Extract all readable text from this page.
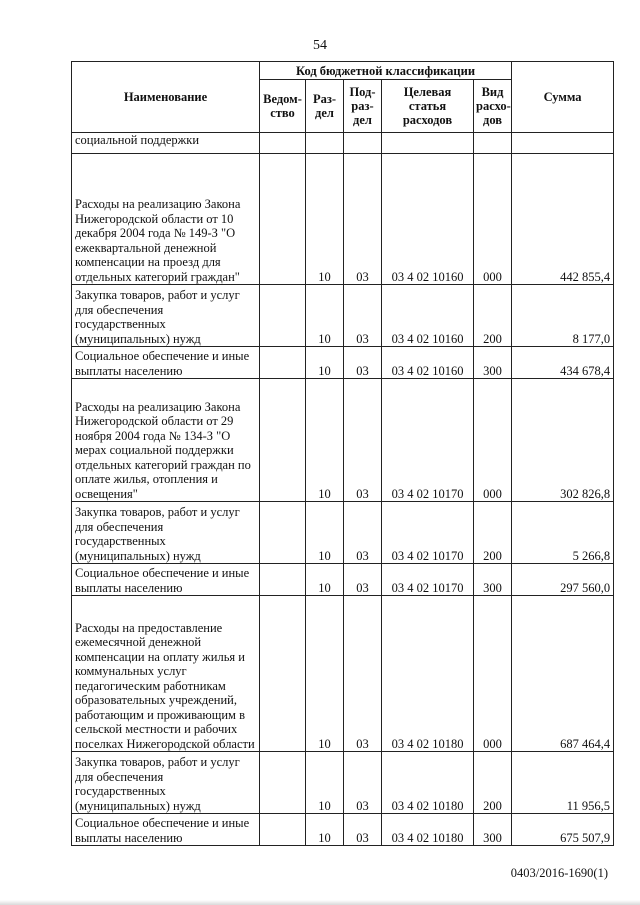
54
Наименование	Код бюджетной классификации					Сумма
	Ведом-ство	Раз-дел	Под-раз-дел	Целевая статья расходов	Вид расхо-дов	
социальной поддержки						
Расходы на реализацию Закона Нижегородской области от 10 декабря 2004 года № 149-З "О ежеквартальной денежной компенсации на проезд для отдельных категорий граждан"		10	03	03 4 02 10160	000	442 855,4
Закупка товаров, работ и услуг для обеспечения государственных (муниципальных) нужд		10	03	03 4 02 10160	200	8 177,0
Социальное обеспечение и иные выплаты населению		10	03	03 4 02 10160	300	434 678,4
Расходы на реализацию Закона Нижегородской области от 29 ноября 2004 года № 134-З "О мерах социальной поддержки отдельных категорий граждан по оплате жилья, отопления и освещения"		10	03	03 4 02 10170	000	302 826,8
Закупка товаров, работ и услуг для обеспечения государственных (муниципальных) нужд		10	03	03 4 02 10170	200	5 266,8
Социальное обеспечение и иные выплаты населению		10	03	03 4 02 10170	300	297 560,0
Расходы на предоставление ежемесячной денежной компенсации на оплату жилья и коммунальных услуг педагогическим работникам образовательных учреждений, работающим и проживающим в сельской местности и рабочих поселках Нижегородской области		10	03	03 4 02 10180	000	687 464,4
Закупка товаров, работ и услуг для обеспечения государственных (муниципальных) нужд		10	03	03 4 02 10180	200	11 956,5
Социальное обеспечение и иные выплаты населению		10	03	03 4 02 10180	300	675 507,9
0403/2016-1690(1)
